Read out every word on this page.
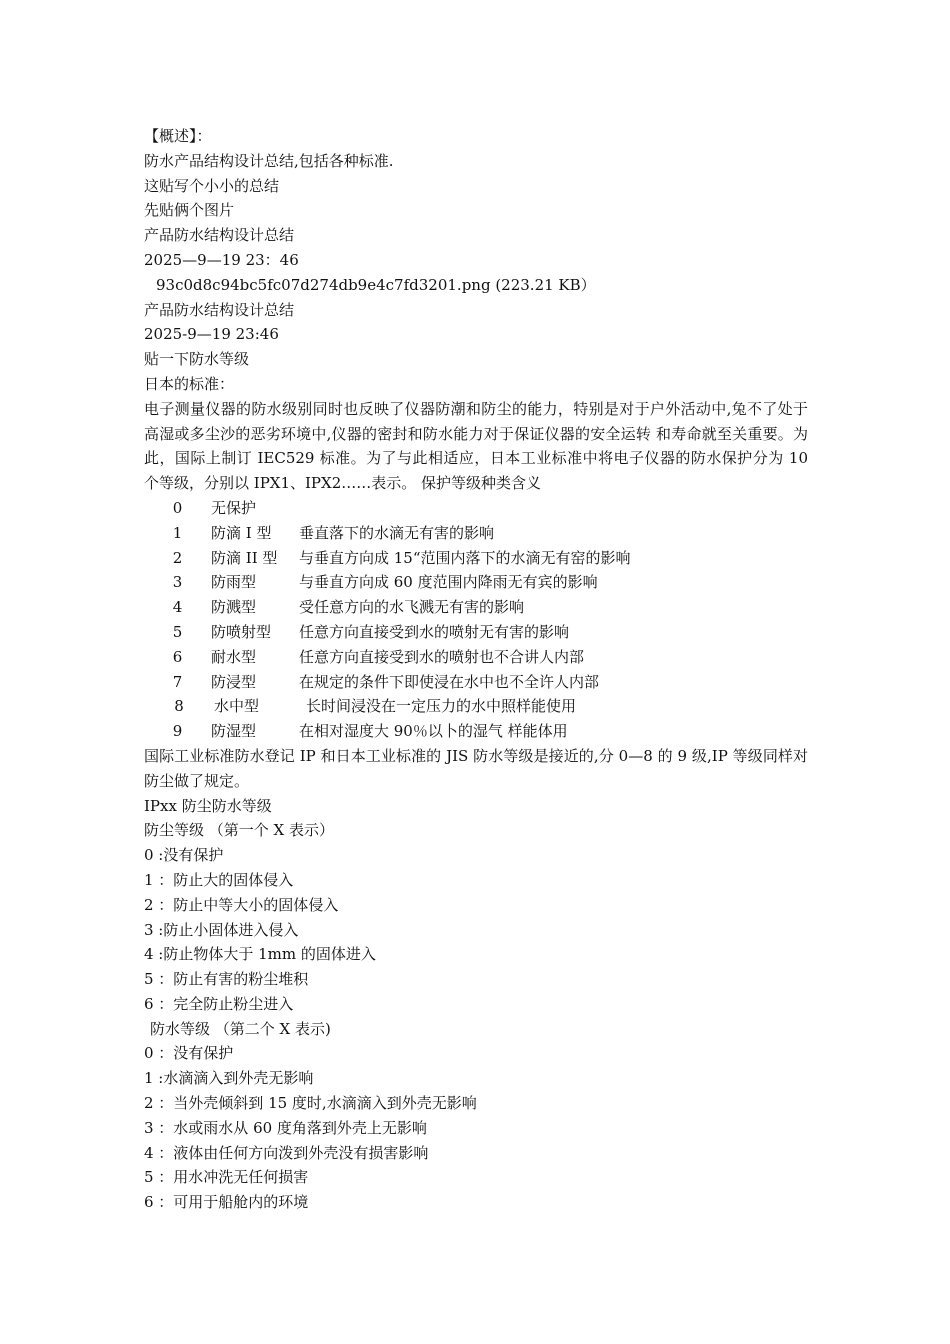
【概述】：
防水产品结构设计总结,包括各种标准.
这贴写个小小的总结
先贴俩个图片
产品防水结构设计总结
2025—9—19 23：46
93c0d8c94bc5fc07d274db9e4c7fd3201.png (223.21 KB）
产品防水结构设计总结
2025-9—19 23:46
贴一下防水等级
日本的标准：
电子测量仪器的防水级别同时也反映了仪器防潮和防尘的能力，特别是对于户外活动中,兔不了处于高湿或多尘沙的恶劣环境中,仪器的密封和防水能力对于保证仪器的安全运转 和寿命就至关重要。为此，国际上制订 IEC529 标准。为了与此相适应，日本工业标准中将电子仪器的防水保护分为 10 个等级，分别以 IPX1、IPX2……表示。 保护等级种类含义
0	无保护
1	防滴 I 型	垂直落下的水滴无有害的影响
2	防滴 II 型	与垂直方向成 15“范围内落下的水滴无有窑的影响
3	防雨型	与垂直方向成 60 度范围内降雨无有宾的影响
4	防溅型	受任意方向的水飞溅无有害的影响
5	防喷射型	任意方向直接受到水的喷射无有害的影响
6	耐水型	任意方向直接受到水的喷射也不合讲人内部
7	防浸型	在规定的条件下即使浸在水中也不全许人内部
8	水中型	长时间浸没在一定压力的水中照样能使用
9	防湿型	在相对湿度大 90％以卜的湿气 样能体用
国际工业标准防水登记 IP 和日本工业标准的 JIS 防水等级是接近的,分 0—8 的 9 级,IP 等级同样对防尘做了规定。
IPxx 防尘防水等级
防尘等级 （第一个 X 表示）
0 :没有保护
1 ：防止大的固体侵入
2 ：防止中等大小的固体侵入
3 :防止小固体进入侵入
4 :防止物体大于 1mm 的固体进入
5 ：防止有害的粉尘堆积
6 ：完全防止粉尘进入
防水等级 （第二个 X 表示)
0 ：没有保护
1 :水滴滴入到外壳无影响
2 ：当外壳倾斜到 15 度时,水滴滴入到外壳无影响
3 ：水或雨水从 60 度角落到外壳上无影响
4 ：液体由任何方向泼到外壳没有损害影响
5 ：用水冲洗无任何损害
6 ：可用于船舱内的环境
